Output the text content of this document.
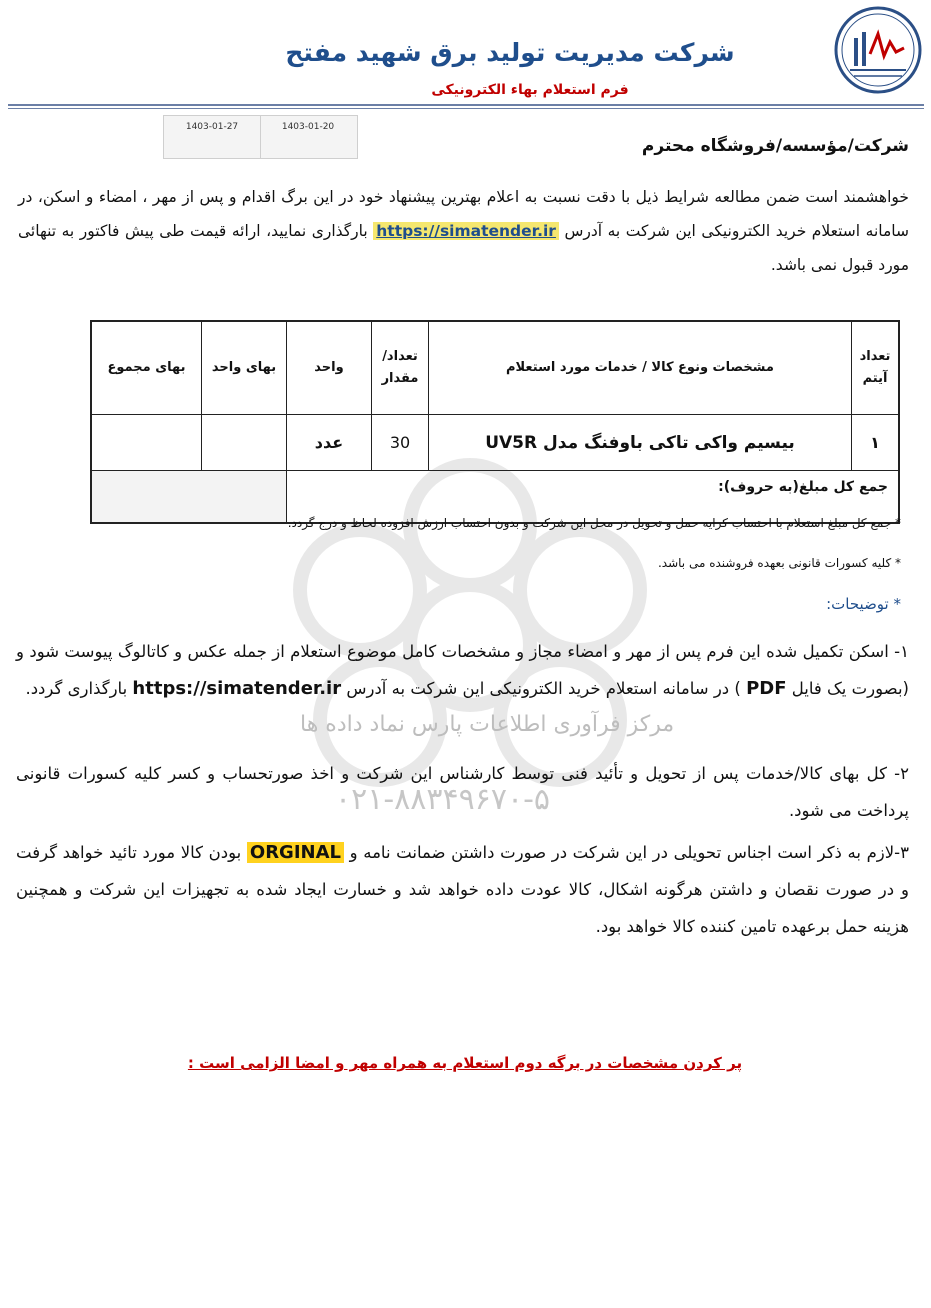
مرکز فرآوری اطلاعات پارس نماد داده ها
۰۲۱-۸۸۳۴۹۶۷۰-۵
شرکت مدیریت تولید برق شهید مفتح
فرم استعلام بهاء الکترونیکی
1403-01-27	1403-01-20
شرکت/مؤسسه/فروشگاه محترم
خواهشمند است ضمن مطالعه شرایط ذیل با دقت نسبت به اعلام بهترین پیشنهاد خود در این برگ اقدام و پس از مهر ، امضاء و اسکن، در سامانه استعلام خرید الکترونیکی این شرکت به آدرس https://simatender.ir بارگذاری نمایید، ارائه قیمت طی پیش فاکتور به تنهائی مورد قبول نمی باشد.
تعداد آیتم	مشخصات ونوع کالا / خدمات مورد استعلام	تعداد/ مقدار	واحد	بهای واحد	بهای مجموع
۱	بیسیم واکی تاکی باوفنگ مدل UV5R	30	عدد		
جمع کل مبلغ(به حروف):					
* جمع کل مبلغ استعلام با احتساب کرایه حمل و تحویل در محل این شرکت و بدون احتساب ارزش افزوده لحاظ و درج گردد.
* کلیه کسورات قانونی بعهده فروشنده می باشد.
* توضیحات:
۱- اسکن تکمیل شده این فرم پس از مهر و امضاء مجاز و مشخصات کامل موضوع استعلام از جمله عکس و کاتالوگ پیوست شود و (بصورت یک فایل PDF ) در سامانه استعلام خرید الکترونیکی این شرکت به آدرس https://simatender.ir بارگذاری گردد.
۲- کل بهای کالا/خدمات پس از تحویل و تأئید فنی توسط کارشناس این شرکت و اخذ صورتحساب و کسر کلیه کسورات قانونی پرداخت می شود.
۳-لازم به ذکر است اجناس تحویلی در این شرکت در صورت داشتن ضمانت نامه و ORGINAL بودن کالا مورد تائید خواهد گرفت و در صورت نقصان و داشتن هرگونه اشکال، کالا عودت داده خواهد شد و خسارت ایجاد شده به تجهیزات این شرکت و همچنین هزینه حمل برعهده تامین کننده کالا خواهد بود.
پر کردن مشخصات در برگه دوم استعلام به همراه مهر و امضا الزامی است :
